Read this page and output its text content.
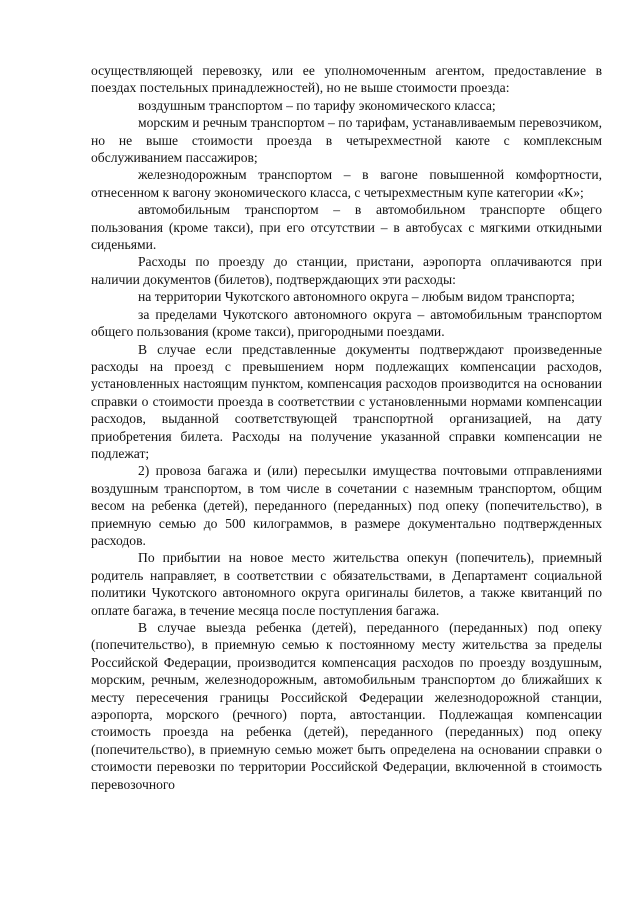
осуществляющей перевозку, или ее уполномоченным агентом, предоставление в поездах постельных принадлежностей), но не выше стоимости проезда:

воздушным транспортом – по тарифу экономического класса;

морским и речным транспортом – по тарифам, устанавливаемым перевозчиком, но не выше стоимости проезда в четырехместной каюте с комплексным обслуживанием пассажиров;

железнодорожным транспортом – в вагоне повышенной комфортности, отнесенном к вагону экономического класса, с четырехместным купе категории «К»;

автомобильным транспортом – в автомобильном транспорте общего пользования (кроме такси), при его отсутствии – в автобусах с мягкими откидными сиденьями.

Расходы по проезду до станции, пристани, аэропорта оплачиваются при наличии документов (билетов), подтверждающих эти расходы:

на территории Чукотского автономного округа – любым видом транспорта;

за пределами Чукотского автономного округа – автомобильным транспортом общего пользования (кроме такси), пригородными поездами.

В случае если представленные документы подтверждают произведенные расходы на проезд с превышением норм подлежащих компенсации расходов, установленных настоящим пунктом, компенсация расходов производится на основании справки о стоимости проезда в соответствии с установленными нормами компенсации расходов, выданной соответствующей транспортной организацией, на дату приобретения билета. Расходы на получение указанной справки компенсации не подлежат;

2) провоза багажа и (или) пересылки имущества почтовыми отправлениями воздушным транспортом, в том числе в сочетании с наземным транспортом, общим весом на ребенка (детей), переданного (переданных) под опеку (попечительство), в приемную семью до 500 килограммов, в размере документально подтвержденных расходов.

По прибытии на новое место жительства опекун (попечитель), приемный родитель направляет, в соответствии с обязательствами, в Департамент социальной политики Чукотского автономного округа оригиналы билетов, а также квитанций по оплате багажа, в течение месяца после поступления багажа.

В случае выезда ребенка (детей), переданного (переданных) под опеку (попечительство), в приемную семью к постоянному месту жительства за пределы Российской Федерации, производится компенсация расходов по проезду воздушным, морским, речным, железнодорожным, автомобильным транспортом до ближайших к месту пересечения границы Российской Федерации железнодорожной станции, аэропорта, морского (речного) порта, автостанции. Подлежащая компенсации стоимость проезда на ребенка (детей), переданного (переданных) под опеку (попечительство), в приемную семью может быть определена на основании справки о стоимости перевозки по территории Российской Федерации, включенной в стоимость перевозочного
